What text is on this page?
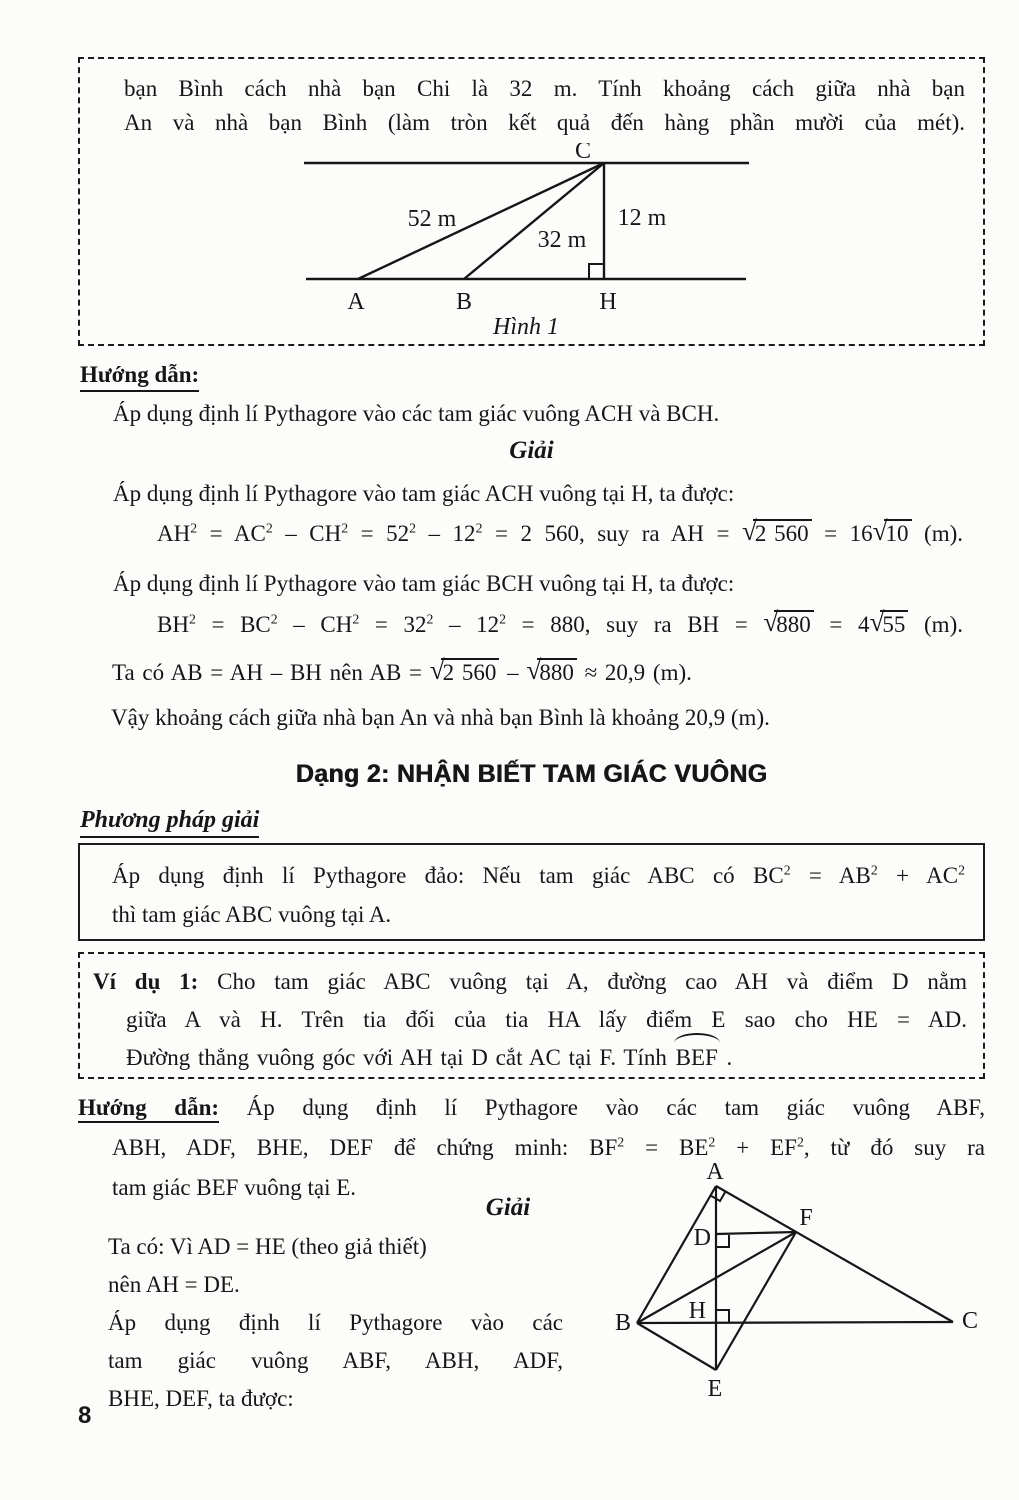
bạn Bình cách nhà bạn Chi là 32 m. Tính khoảng cách giữa nhà bạn
An và nhà bạn Bình (làm tròn kết quả đến hàng phần mười của mét).
A	B	H
C
52 m
32 m
12 m
Hình 1
Hướng dẫn:
Áp dụng định lí Pythagore vào các tam giác vuông ACH và BCH.
Giải
Áp dụng định lí Pythagore vào tam giác ACH vuông tại H, ta được:
$AH^2 = AC^2 - CH^2 = 52^2 - 12^2 = 2$ 560, suy ra AH = √2 560 = 16√10 (m).
Áp dụng định lí Pythagore vào tam giác BCH vuông tại H, ta được:
$BH^2 = BC^2 - CH^2 = 32^2 - 12^2 = 880$, suy ra BH = √880 = 4√55 (m).
Ta có AB = AH – BH nên AB = √2 560 – √880 ≈ 20,9 (m).
Vậy khoảng cách giữa nhà bạn An và nhà bạn Bình là khoảng 20,9 (m).
Dạng 2: NHẬN BIẾT TAM GIÁC VUÔNG
Phương pháp giải
Áp dụng định lí Pythagore đảo: Nếu tam giác ABC có $BC^2 = AB^2 + AC^2$
thì tam giác ABC vuông tại A.
Ví dụ 1: Cho tam giác ABC vuông tại A, đường cao AH và điểm D nằm
giữa A và H. Trên tia đối của tia HA lấy điểm E sao cho HE = AD.
Đường thẳng vuông góc với AH tại D cắt AC tại F. Tính BEF .
Hướng dẫn: Áp dụng định lí Pythagore vào các tam giác vuông ABF,
ABH, ADF, BHE, DEF để chứng minh: $BF^2 = BE^2 + EF^2$, từ đó suy ra
tam giác BEF vuông tại E.
Giải
Ta có: Vì AD = HE (theo giả thiết)
nên AH = DE.
Áp dụng định lí Pythagore vào các
tam giác vuông ABF, ABH, ADF,
BHE, DEF, ta được:
A
F
D
B H	C
E
8
